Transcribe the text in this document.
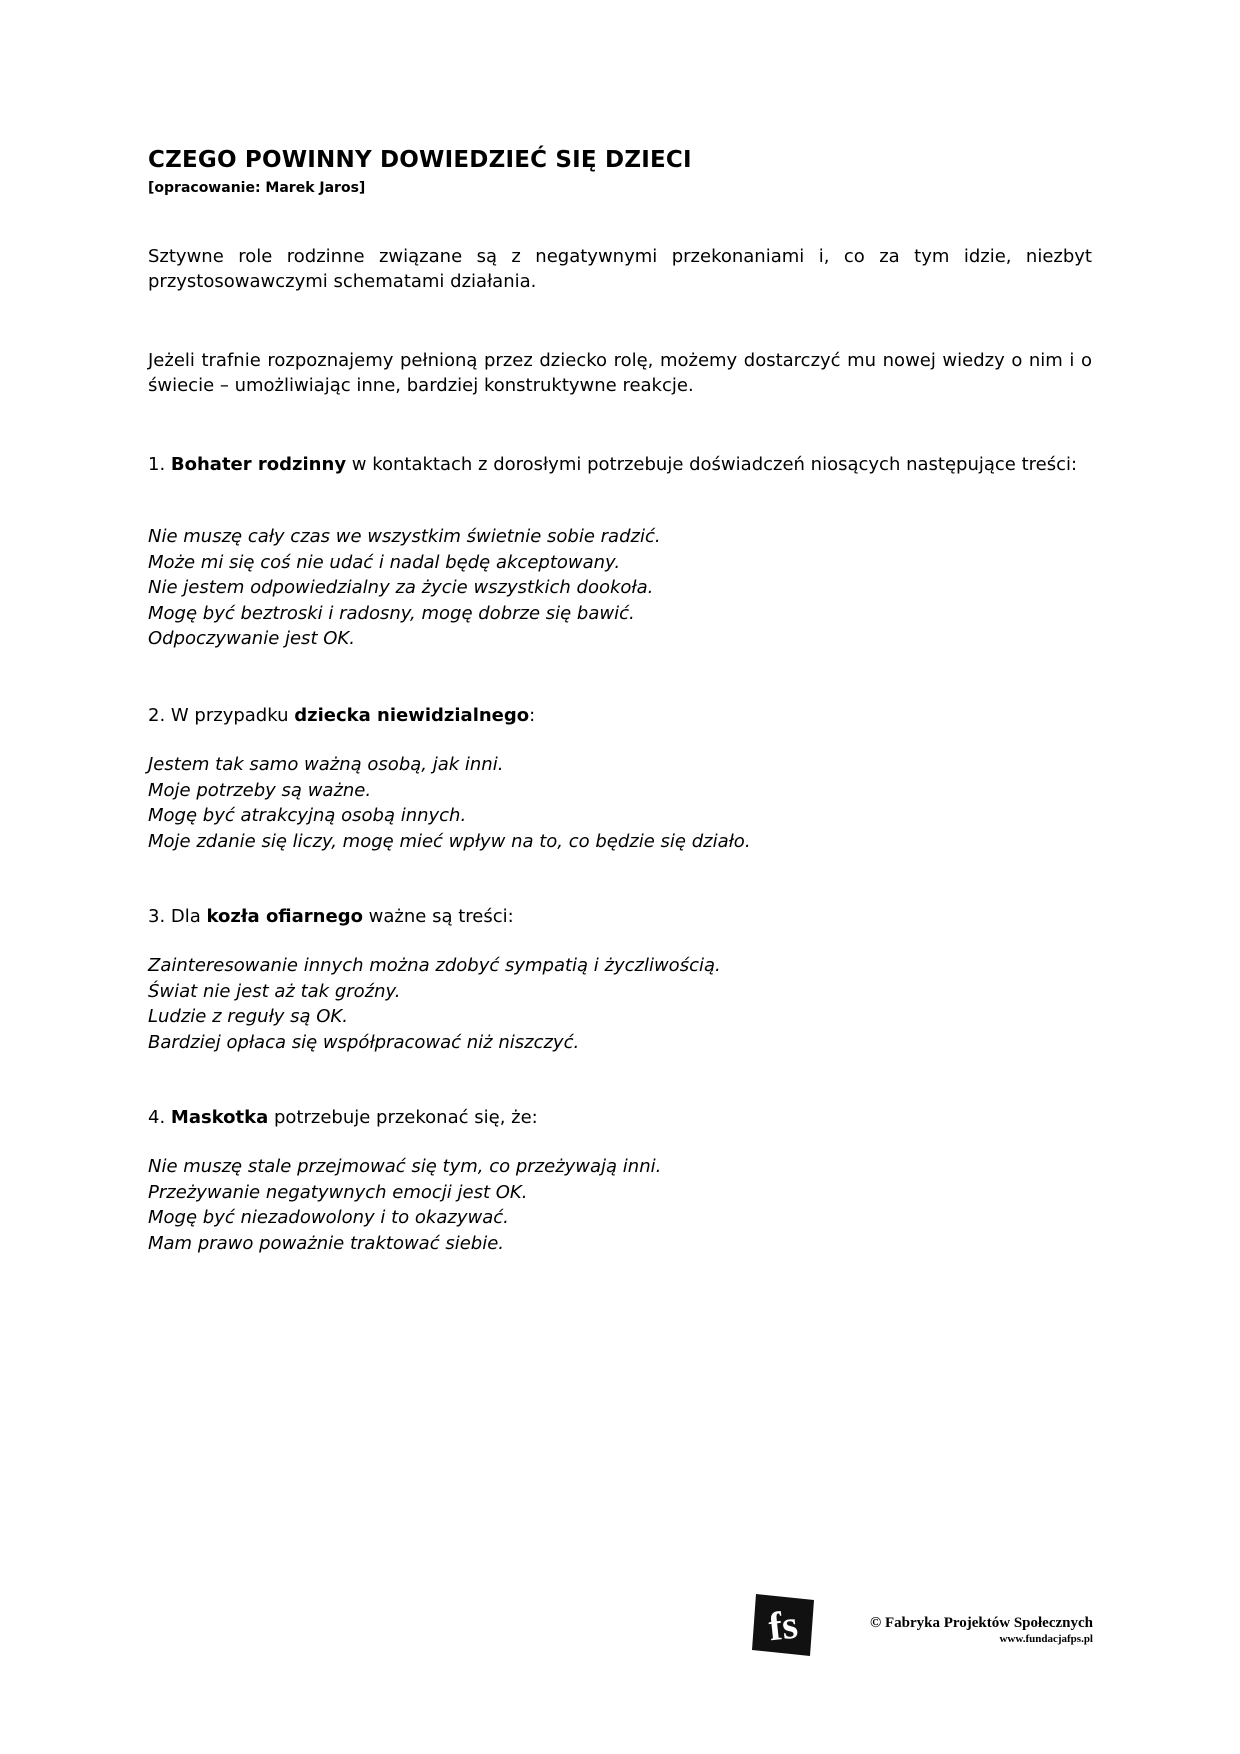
CZEGO POWINNY DOWIEDZIEĆ SIĘ DZIECI
[opracowanie: Marek Jaros]

Sztywne role rodzinne związane są z negatywnymi przekonaniami i, co za tym idzie, niezbyt przystosowawczymi schematami działania.

Jeżeli trafnie rozpoznajemy pełnioną przez dziecko rolę, możemy dostarczyć mu nowej wiedzy o nim i o świecie – umożliwiając inne, bardziej konstruktywne reakcje.

1. Bohater rodzinny w kontaktach z dorosłymi potrzebuje doświadczeń niosących następujące treści:

Nie muszę cały czas we wszystkim świetnie sobie radzić.
Może mi się coś nie udać i nadal będę akceptowany.
Nie jestem odpowiedzialny za życie wszystkich dookoła.
Mogę być beztroski i radosny, mogę dobrze się bawić.
Odpoczywanie jest OK.

2. W przypadku dziecka niewidzialnego:

Jestem tak samo ważną osobą, jak inni.
Moje potrzeby są ważne.
Mogę być atrakcyjną osobą innych.
Moje zdanie się liczy, mogę mieć wpływ na to, co będzie się działo.

3. Dla kozła ofiarnego ważne są treści:

Zainteresowanie innych można zdobyć sympatią i życzliwością.
Świat nie jest aż tak groźny.
Ludzie z reguły są OK.
Bardziej opłaca się współpracować niż niszczyć.

4. Maskotka potrzebuje przekonać się, że:

Nie muszę stale przejmować się tym, co przeżywają inni.
Przeżywanie negatywnych emocji jest OK.
Mogę być niezadowolony i to okazywać.
Mam prawo poważnie traktować siebie.
fs	© Fabryka Projektów Społecznych
www.fundacjafps.pl
